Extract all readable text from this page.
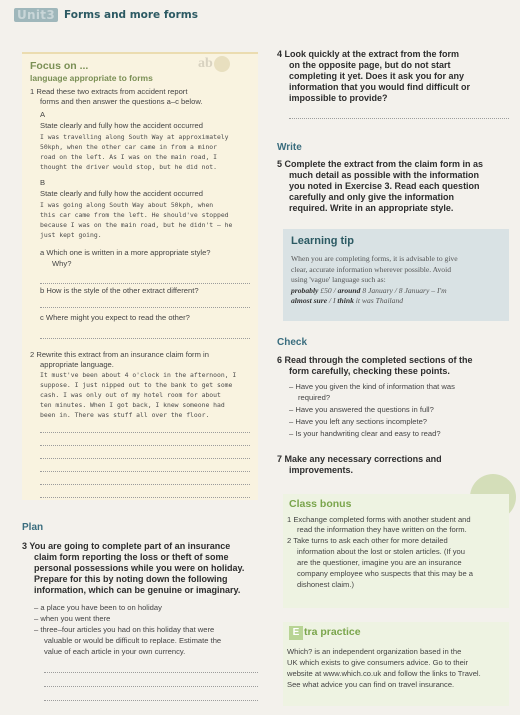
Unit3 Forms and more forms
ab
Focus on ...
language appropriate to forms
1 Read these two extracts from accident report
forms and then answer the questions a–c below.
A
State clearly and fully how the accident occurred
I was travelling along South Way at approximately
50kph, when the other car came in from a minor
road on the left. As I was on the main road, I
thought the driver would stop, but he did not.
B
State clearly and fully how the accident occurred
I was going along South Way about 50kph, when
this car came from the left. He should've stopped
because I was on the main road, but he didn't – he
just kept going.
a Which one is written in a more appropriate style?
Why?
b How is the style of the other extract different?
c Where might you expect to read the other?
2 Rewrite this extract from an insurance claim form in
appropriate language.
It must've been about 4 o'clock in the afternoon, I
suppose. I just nipped out to the bank to get some
cash. I was only out of my hotel room for about
ten minutes. When I got back, I knew someone had
been in. There was stuff all over the floor.
Plan
3 You are going to complete part of an insurance
claim form reporting the loss or theft of some
personal possessions while you were on holiday.
Prepare for this by noting down the following
information, which can be genuine or imaginary.
– a place you have been to on holiday
– when you went there
– three–four articles you had on this holiday that were
valuable or would be difficult to replace. Estimate the
value of each article in your own currency.
4 Look quickly at the extract from the form
on the opposite page, but do not start
completing it yet. Does it ask you for any
information that you would find difficult or
impossible to provide?
Write
5 Complete the extract from the claim form in as
much detail as possible with the information
you noted in Exercise 3. Read each question
carefully and only give the information
required. Write in an appropriate style.
Learning tip
When you are completing forms, it is advisable to give
clear, accurate information wherever possible. Avoid
using 'vague' language such as:
probably £50 / around 8 January / 8 January – I'm
almost sure / I think it was Thailand
Check
6 Read through the completed sections of the
form carefully, checking these points.
– Have you given the kind of information that was
required?
– Have you answered the questions in full?
– Have you left any sections incomplete?
– Is your handwriting clear and easy to read?
7 Make any necessary corrections and
improvements.
Class bonus
1 Exchange completed forms with another student and
read the information they have written on the form.
2 Take turns to ask each other for more detailed
information about the lost or stolen articles. (If you
are the questioner, imagine you are an insurance
company employee who suspects that this may be a
dishonest claim.)
E tra practice
Which? is an independent organization based in the
UK which exists to give consumers advice. Go to their
website at www.which.co.uk and follow the links to Travel.
See what advice you can find on travel insurance.
